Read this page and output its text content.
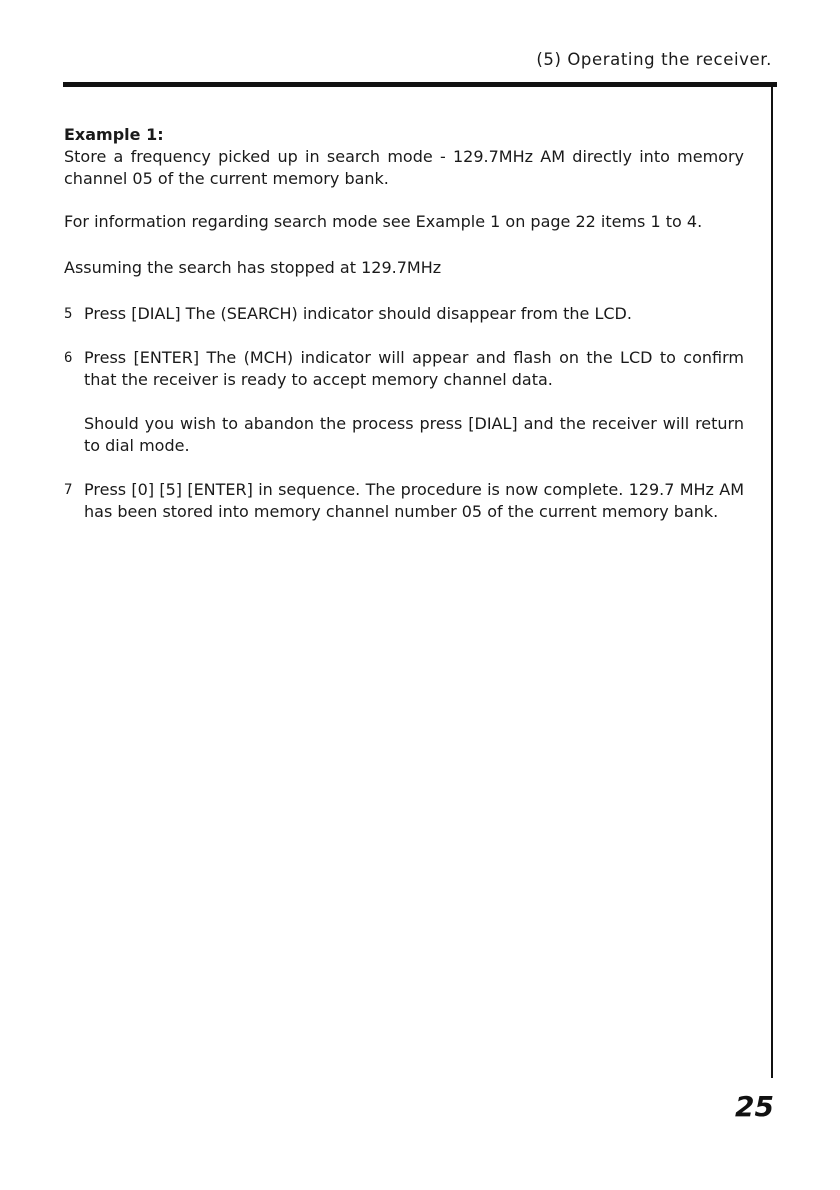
(5) Operating the receiver.

Example 1:

Store a frequency picked up in search mode - 129.7MHz AM directly into memory channel 05 of the current memory bank.

For information regarding search mode see Example 1 on page 22 items 1 to 4.

Assuming the search has stopped at 129.7MHz

5 Press [DIAL] The (SEARCH) indicator should disappear from the LCD.
6 Press [ENTER] The (MCH) indicator will appear and flash on the LCD to confirm that the receiver is ready to accept memory channel data.

Should you wish to abandon the process press [DIAL] and the receiver will return to dial mode.

7 Press [0] [5] [ENTER] in sequence. The procedure is now complete. 129.7 MHz AM has been stored into memory channel number 05 of the current memory bank.
25
